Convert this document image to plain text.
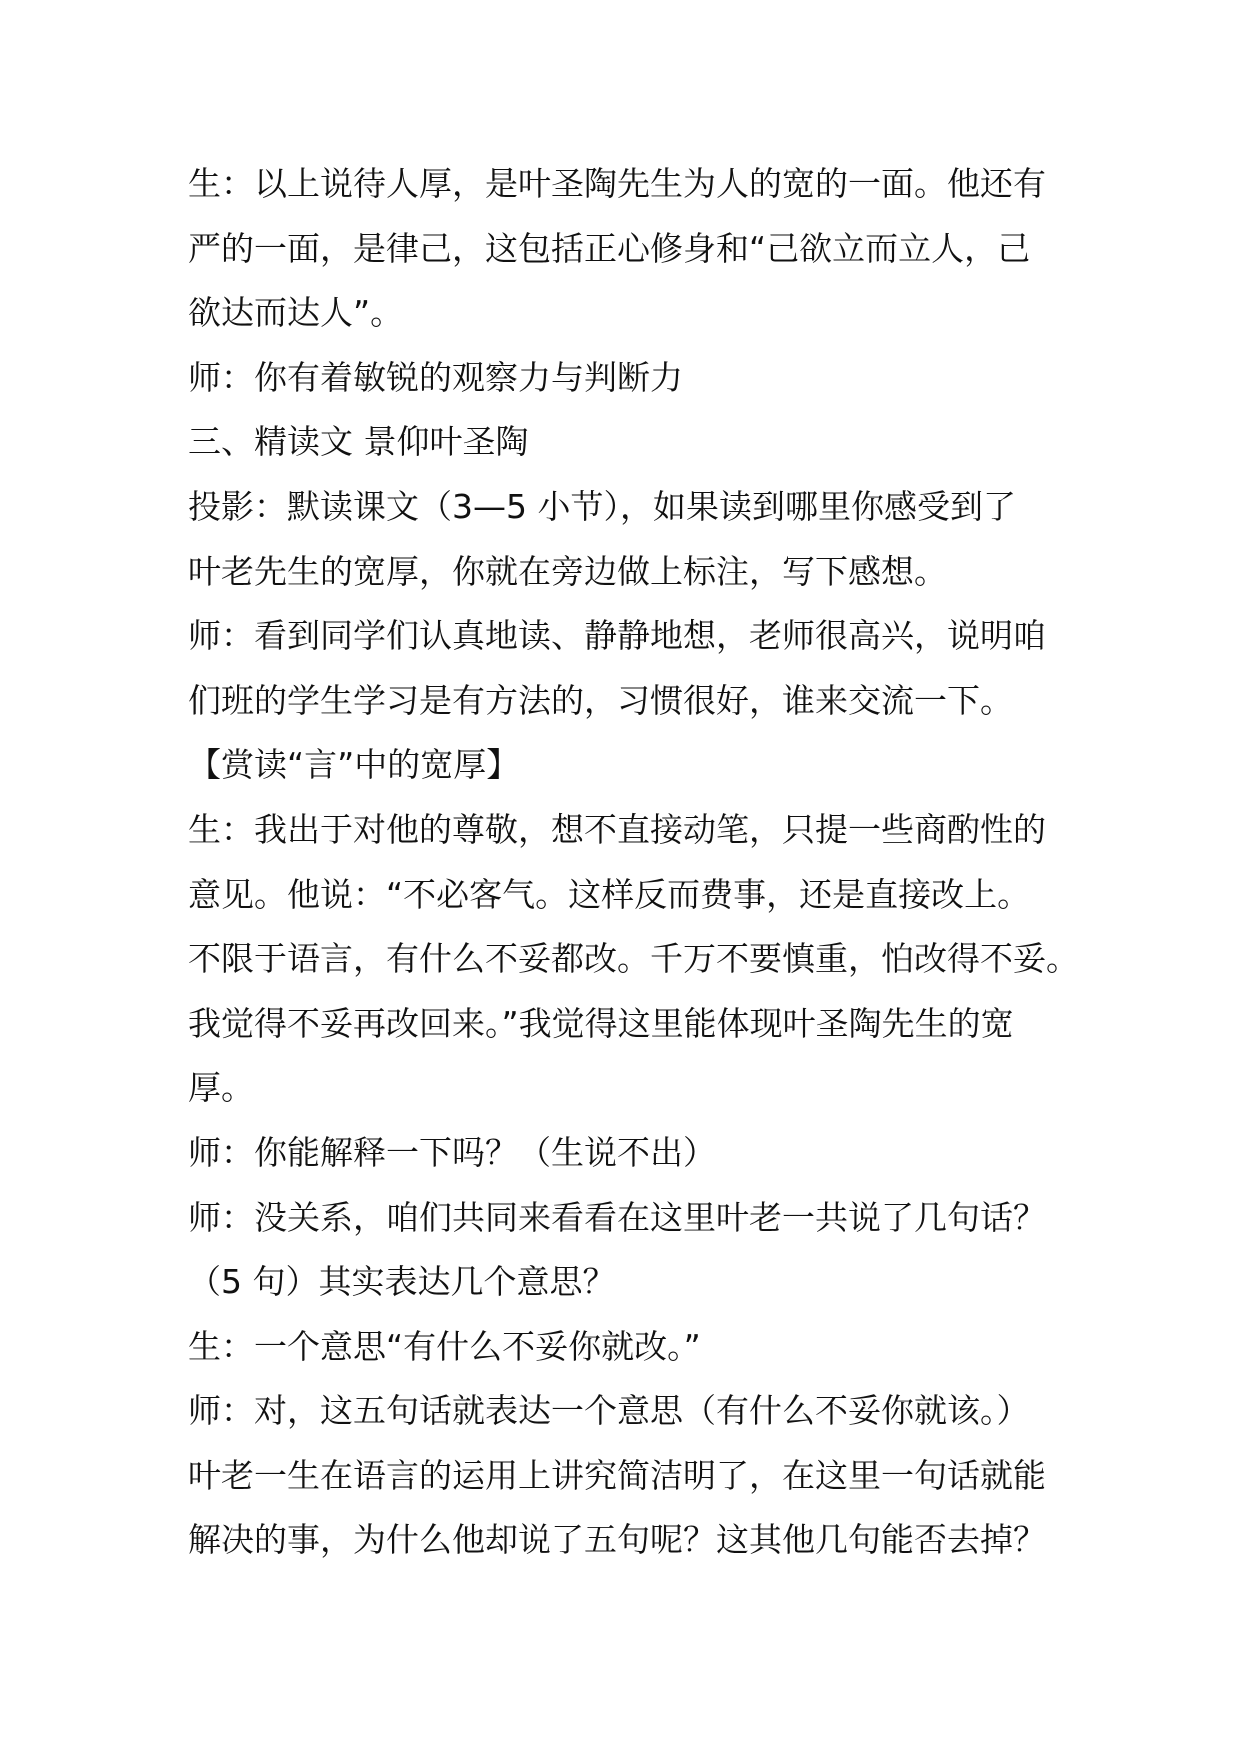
生：以上说待人厚，是叶圣陶先生为人的宽的一面。他还有
严的一面，是律己，这包括正心修身和“己欲立而立人，己
欲达而达人”。
师：你有着敏锐的观察力与判断力
三、精读文 景仰叶圣陶
投影：默读课文（3—5 小节），如果读到哪里你感受到了
叶老先生的宽厚，你就在旁边做上标注，写下感想。
师：看到同学们认真地读、静静地想，老师很高兴，说明咱
们班的学生学习是有方法的，习惯很好，谁来交流一下。
【赏读“言”中的宽厚】
生：我出于对他的尊敬，想不直接动笔，只提一些商酌性的
意见。他说：“不必客气。这样反而费事，还是直接改上。
不限于语言，有什么不妥都改。千万不要慎重，怕改得不妥。
我觉得不妥再改回来。”我觉得这里能体现叶圣陶先生的宽
厚。
师：你能解释一下吗？（生说不出）
师：没关系，咱们共同来看看在这里叶老一共说了几句话？
（5 句）其实表达几个意思？
生：一个意思“有什么不妥你就改。”
师：对，这五句话就表达一个意思（有什么不妥你就该。）
叶老一生在语言的运用上讲究简洁明了，在这里一句话就能
解决的事，为什么他却说了五句呢？这其他几句能否去掉？
